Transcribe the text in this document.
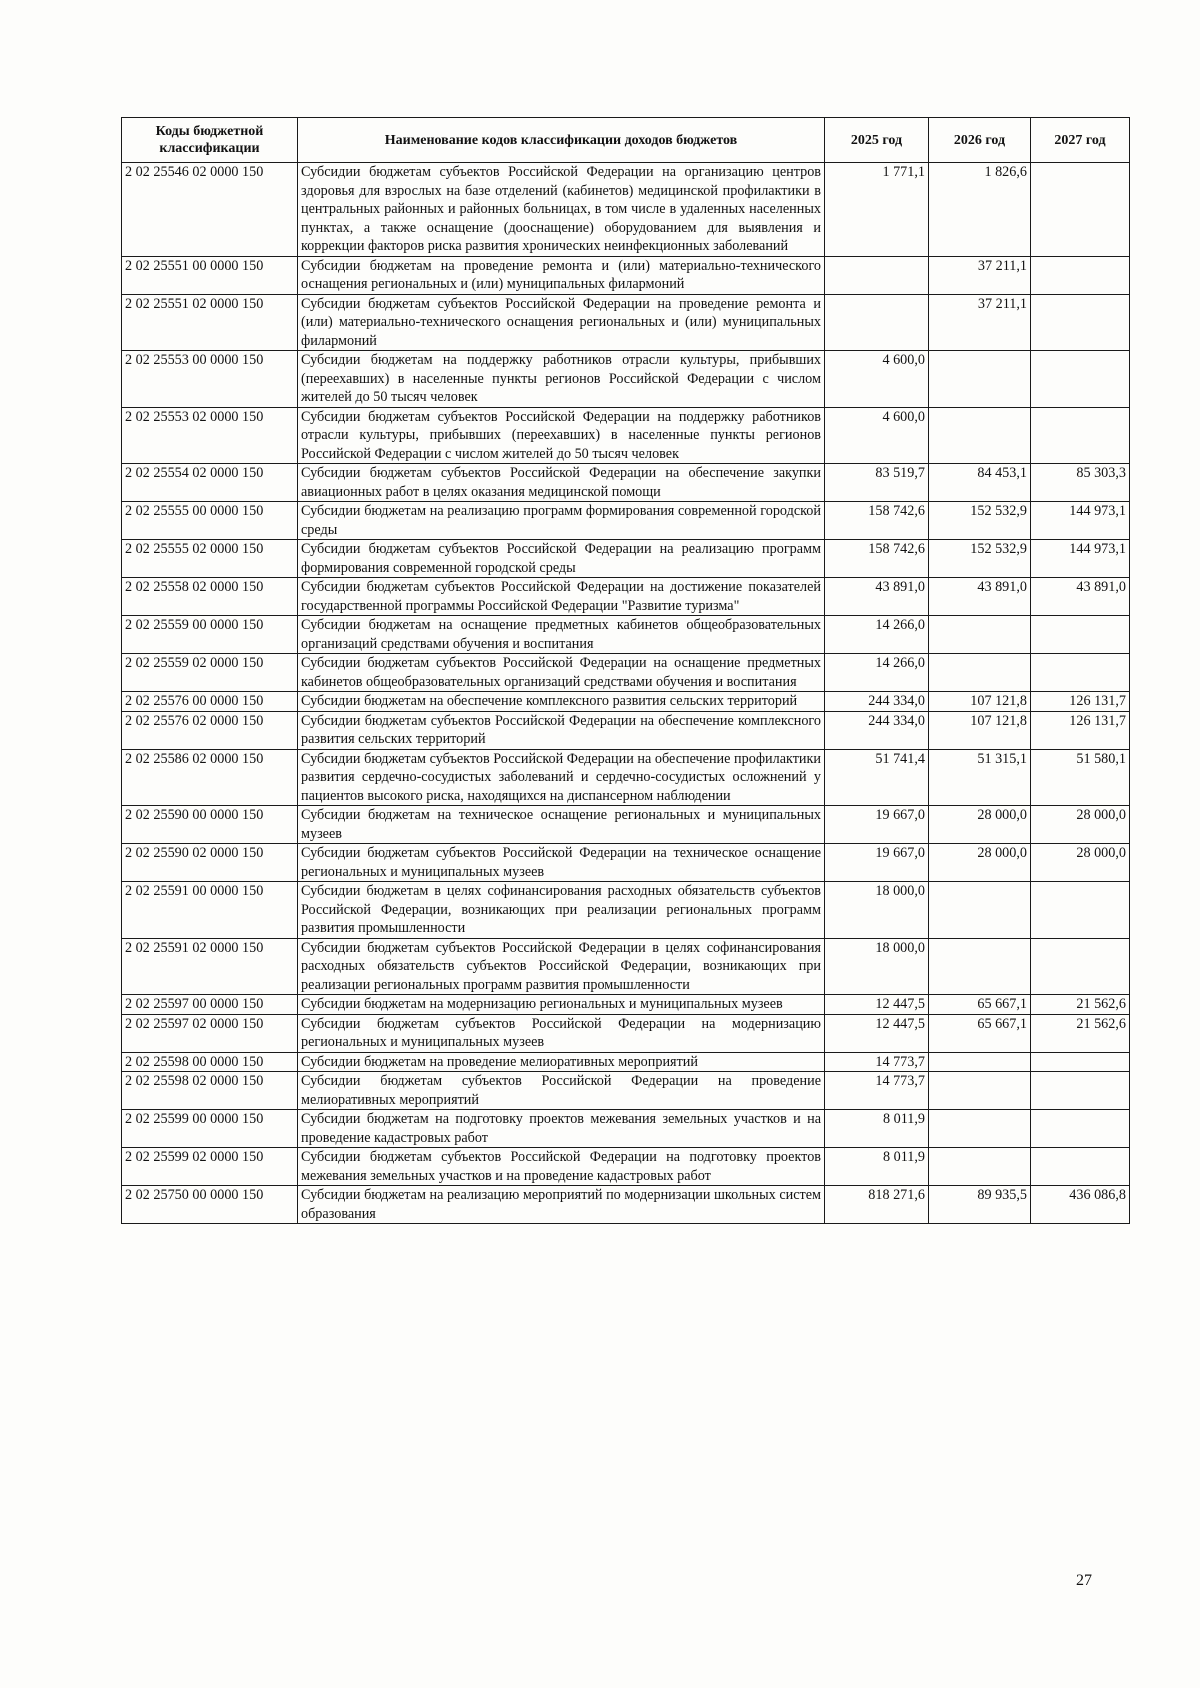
Коды бюджетной классификации	Наименование кодов классификации доходов бюджетов	2025 год	2026 год	2027 год
2 02 25546 02 0000 150	Субсидии бюджетам субъектов Российской Федерации на организацию центров здоровья для взрослых на базе отделений (кабинетов) медицинской профилактики в центральных районных и районных больницах, в том числе в удаленных населенных пунктах, а также оснащение (дооснащение) оборудованием для выявления и коррекции факторов риска развития хронических неинфекционных заболеваний	1 771,1	1 826,6	
2 02 25551 00 0000 150	Субсидии бюджетам на проведение ремонта и (или) материально-технического оснащения региональных и (или) муниципальных филармоний		37 211,1	
2 02 25551 02 0000 150	Субсидии бюджетам субъектов Российской Федерации на проведение ремонта и (или) материально-технического оснащения региональных и (или) муниципальных филармоний		37 211,1	
2 02 25553 00 0000 150	Субсидии бюджетам на поддержку работников отрасли культуры, прибывших (переехавших) в населенные пункты регионов Российской Федерации с числом жителей до 50 тысяч человек	4 600,0		
2 02 25553 02 0000 150	Субсидии бюджетам субъектов Российской Федерации на поддержку работников отрасли культуры, прибывших (переехавших) в населенные пункты регионов Российской Федерации с числом жителей до 50 тысяч человек	4 600,0		
2 02 25554 02 0000 150	Субсидии бюджетам субъектов Российской Федерации на обеспечение закупки авиационных работ в целях оказания медицинской помощи	83 519,7	84 453,1	85 303,3
2 02 25555 00 0000 150	Субсидии бюджетам на реализацию программ формирования современной городской среды	158 742,6	152 532,9	144 973,1
2 02 25555 02 0000 150	Субсидии бюджетам субъектов Российской Федерации на реализацию программ формирования современной городской среды	158 742,6	152 532,9	144 973,1
2 02 25558 02 0000 150	Субсидии бюджетам субъектов Российской Федерации на достижение показателей государственной программы Российской Федерации "Развитие туризма"	43 891,0	43 891,0	43 891,0
2 02 25559 00 0000 150	Субсидии бюджетам на оснащение предметных кабинетов общеобразовательных организаций средствами обучения и воспитания	14 266,0		
2 02 25559 02 0000 150	Субсидии бюджетам субъектов Российской Федерации на оснащение предметных кабинетов общеобразовательных организаций средствами обучения и воспитания	14 266,0		
2 02 25576 00 0000 150	Субсидии бюджетам на обеспечение комплексного развития сельских территорий	244 334,0	107 121,8	126 131,7
2 02 25576 02 0000 150	Субсидии бюджетам субъектов Российской Федерации на обеспечение комплексного развития сельских территорий	244 334,0	107 121,8	126 131,7
2 02 25586 02 0000 150	Субсидии бюджетам субъектов Российской Федерации на обеспечение профилактики развития сердечно-сосудистых заболеваний и сердечно-сосудистых осложнений у пациентов высокого риска, находящихся на диспансерном наблюдении	51 741,4	51 315,1	51 580,1
2 02 25590 00 0000 150	Субсидии бюджетам на техническое оснащение региональных и муниципальных музеев	19 667,0	28 000,0	28 000,0
2 02 25590 02 0000 150	Субсидии бюджетам субъектов Российской Федерации на техническое оснащение региональных и муниципальных музеев	19 667,0	28 000,0	28 000,0
2 02 25591 00 0000 150	Субсидии бюджетам в целях софинансирования расходных обязательств субъектов Российской Федерации, возникающих при реализации региональных программ развития промышленности	18 000,0		
2 02 25591 02 0000 150	Субсидии бюджетам субъектов Российской Федерации в целях софинансирования расходных обязательств субъектов Российской Федерации, возникающих при реализации региональных программ развития промышленности	18 000,0		
2 02 25597 00 0000 150	Субсидии бюджетам на модернизацию региональных и муниципальных музеев	12 447,5	65 667,1	21 562,6
2 02 25597 02 0000 150	Субсидии бюджетам субъектов Российской Федерации на модернизацию региональных и муниципальных музеев	12 447,5	65 667,1	21 562,6
2 02 25598 00 0000 150	Субсидии бюджетам на проведение мелиоративных мероприятий	14 773,7		
2 02 25598 02 0000 150	Субсидии бюджетам субъектов Российской Федерации на проведение мелиоративных мероприятий	14 773,7		
2 02 25599 00 0000 150	Субсидии бюджетам на подготовку проектов межевания земельных участков и на проведение кадастровых работ	8 011,9		
2 02 25599 02 0000 150	Субсидии бюджетам субъектов Российской Федерации на подготовку проектов межевания земельных участков и на проведение кадастровых работ	8 011,9		
2 02 25750 00 0000 150	Субсидии бюджетам на реализацию мероприятий по модернизации школьных систем образования	818 271,6	89 935,5	436 086,8
27
